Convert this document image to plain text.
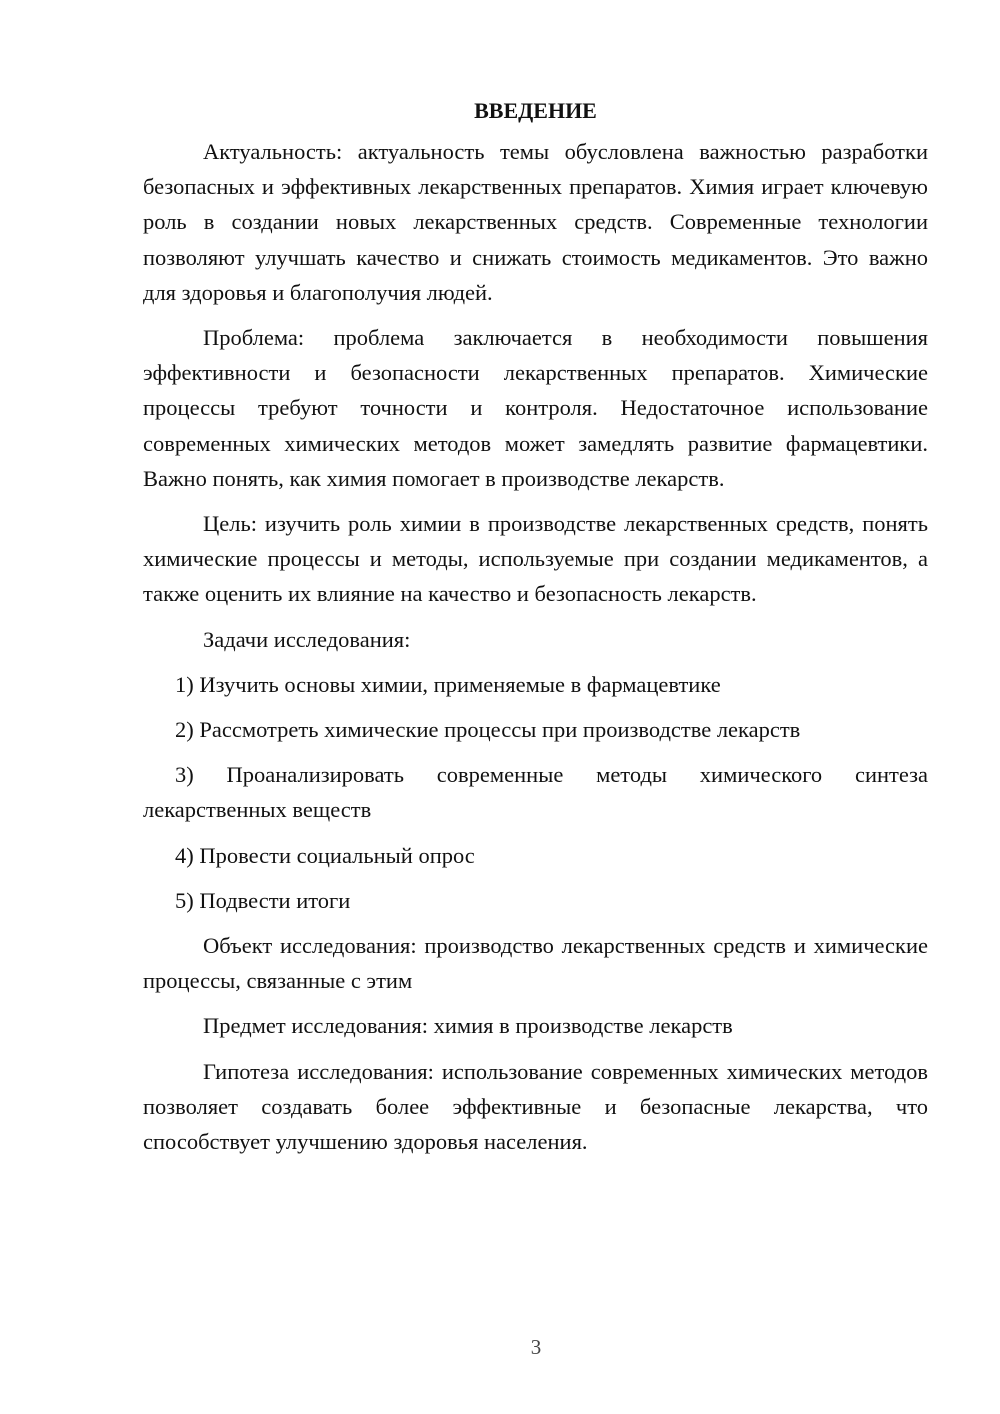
ВВЕДЕНИЕ

Актуальность: актуальность темы обусловлена важностью разработки безопасных и эффективных лекарственных препаратов. Химия играет ключевую роль в создании новых лекарственных средств. Современные технологии позволяют улучшать качество и снижать стоимость медикаментов. Это важно для здоровья и благополучия людей.

Проблема: проблема заключается в необходимости повышения эффективности и безопасности лекарственных препаратов. Химические процессы требуют точности и контроля. Недостаточное использование современных химических методов может замедлять развитие фармацевтики. Важно понять, как химия помогает в производстве лекарств.

Цель: изучить роль химии в производстве лекарственных средств, понять химические процессы и методы, используемые при создании медикаментов, а также оценить их влияние на качество и безопасность лекарств.

Задачи исследования:

1) Изучить основы химии, применяемые в фармацевтике

2) Рассмотреть химические процессы при производстве лекарств

3) Проанализировать современные методы химического синтеза лекарственных веществ

4) Провести социальный опрос

5) Подвести итоги

Объект исследования: производство лекарственных средств и химические процессы, связанные с этим

Предмет исследования: химия в производстве лекарств

Гипотеза исследования: использование современных химических методов позволяет создавать более эффективные и безопасные лекарства, что способствует улучшению здоровья населения.

3
